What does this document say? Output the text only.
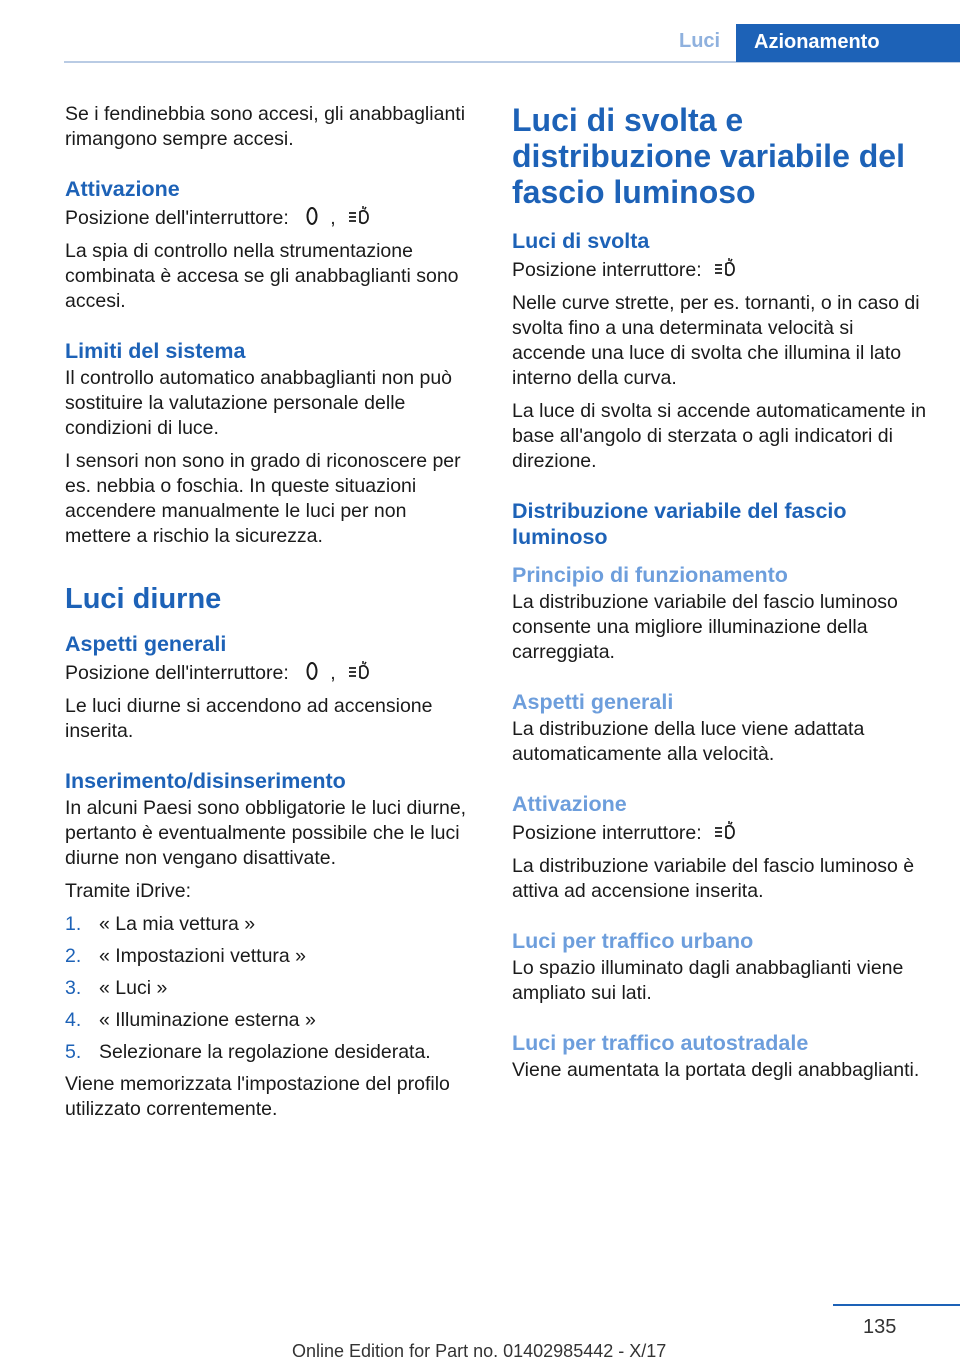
Luci Azionamento

Se i fendinebbia sono accesi, gli anabbaglianti rimangono sempre accesi.

Attivazione

Posizione dell'interruttore: ,

La spia di controllo nella strumentazione combinata è accesa se gli anabbaglianti sono accesi.

Limiti del sistema

Il controllo automatico anabbaglianti non può sostituire la valutazione personale delle condizioni di luce.

I sensori non sono in grado di riconoscere per es. nebbia o foschia. In queste situazioni accendere manualmente le luci per non mettere a rischio la sicurezza.

Luci diurne
Aspetti generali

Posizione dell'interruttore: ,

Le luci diurne si accendono ad accensione inserita.

Inserimento/disinserimento

In alcuni Paesi sono obbligatorie le luci diurne, pertanto è eventualmente possibile che le luci diurne non vengano disattivate.

Tramite iDrive:

1. « La mia vettura »
2. « Impostazioni vettura »
3. « Luci »
4. « Illuminazione esterna »
5. Selezionare la regolazione desiderata.

Viene memorizzata l'impostazione del profilo utilizzato correntemente.

Luci di svolta e distribuzione variabile del fascio luminoso
Luci di svolta

Posizione interruttore:

Nelle curve strette, per es. tornanti, o in caso di svolta fino a una determinata velocità si accende una luce di svolta che illumina il lato interno della curva.

La luce di svolta si accende automaticamente in base all'angolo di sterzata o agli indicatori di direzione.

Distribuzione variabile del fascio luminoso
Principio di funzionamento

La distribuzione variabile del fascio luminoso consente una migliore illuminazione della carreggiata.

Aspetti generali

La distribuzione della luce viene adattata automaticamente alla velocità.

Attivazione

Posizione interruttore:

La distribuzione variabile del fascio luminoso è attiva ad accensione inserita.

Luci per traffico urbano

Lo spazio illuminato dagli anabbaglianti viene ampliato sui lati.

Luci per traffico autostradale

Viene aumentata la portata degli anabbaglianti.

135
Online Edition for Part no. 01402985442 - X/17
